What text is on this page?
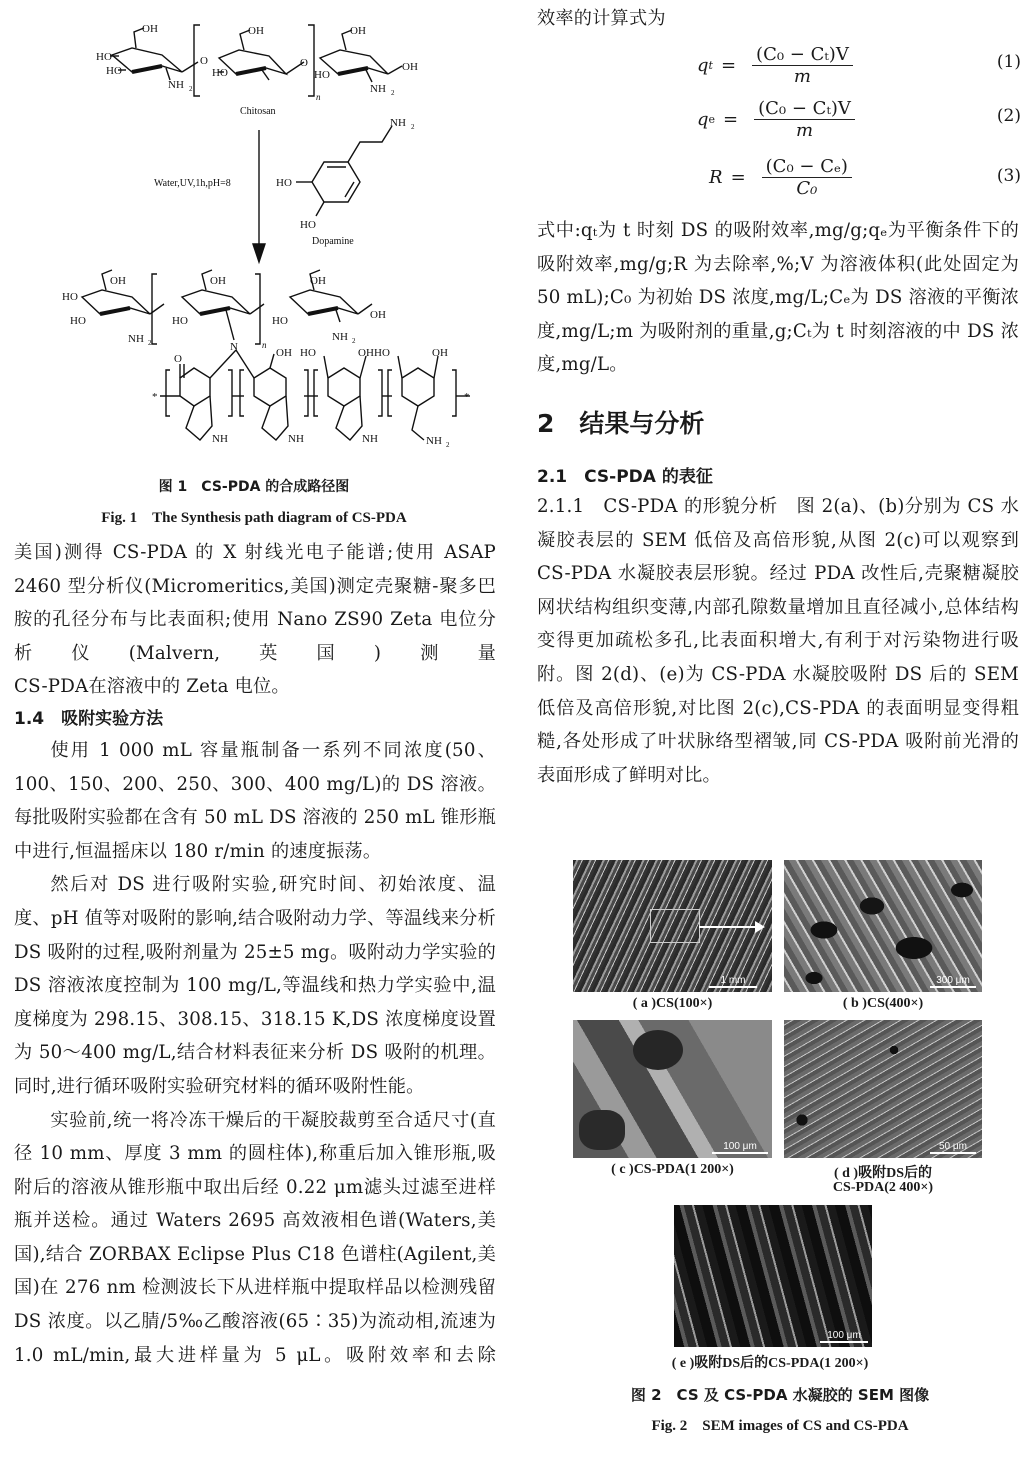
OH
HO
HO
NH 2
O
OH
HO
O
n
OH
HO
OH
NH 2
Chitosan
Water,UV,1h,pH=8
Dopamine
NH 2
HO
HO
OH
HO
HO
NH 2
OH
HO
N	n
OH
HO	OH
NH 2
*
O
NH
OH
NH
HO	OH
NH
HO	OH
NH 2
*
图 1　CS-PDA 的合成路径图
Fig. 1　The Synthesis path diagram of CS-PDA

美国)测得 CS-PDA 的 X 射线光电子能谱;使用 ASAP 2460 型分析仪(Micromeritics,美国)测定壳聚糖-聚多巴胺的孔径分布与比表面积;使用 Nano ZS90 Zeta 电位分析仪(Malvern,英国)测量

CS-PDA在溶液中的 Zeta 电位。

1.4　吸附实验方法

使用 1 000 mL 容量瓶制备一系列不同浓度(50、100、150、200、250、300、400 mg/L)的 DS 溶液。每批吸附实验都在含有 50 mL DS 溶液的 250 mL 锥形瓶中进行,恒温摇床以 180 r/min 的速度振荡。

然后对 DS 进行吸附实验,研究时间、初始浓度、温度、pH 值等对吸附的影响,结合吸附动力学、等温线来分析 DS 吸附的过程,吸附剂量为 25±5 mg。吸附动力学实验的 DS 溶液浓度控制为 100 mg/L,等温线和热力学实验中,温度梯度为 298.15、308.15、318.15 K,DS 浓度梯度设置为 50～400 mg/L,结合材料表征来分析 DS 吸附的机理。同时,进行循环吸附实验研究材料的循环吸附性能。

实验前,统一将冷冻干燥后的干凝胶裁剪至合适尺寸(直径 10 mm、厚度 3 mm 的圆柱体),称重后加入锥形瓶,吸附后的溶液从锥形瓶中取出后经 0.22 μm滤头过滤至进样瓶并送检。通过 Waters 2695 高效液相色谱(Waters,美国),结合 ZORBAX Eclipse Plus C18 色谱柱(Agilent,美国)在 276 nm 检测波长下从进样瓶中提取样品以检测残留 DS 浓度。以乙腈/5‰乙酸溶液(65∶35)为流动相,流速为 1.0 mL/min,最大进样量为 5 μL。吸附效率和去除

效率的计算式为

q $t = \frac{\text{(C₀ − Cₜ)V}}{m}$	(1)
q $e = \frac{\text{(C₀ − Cₜ)V}}{m}$	(2)
$R = \frac{\text{(C₀ − Cₑ)}}{\text{C₀}}$	(3)

式中:qₜ为 t 时刻 DS 的吸附效率,mg/g;qₑ为平衡条件下的吸附效率,mg/g;R 为去除率,%;V 为溶液体积(此处固定为 50 mL);C₀ 为初始 DS 浓度,mg/L;Cₑ为 DS 溶液的平衡浓度,mg/L;m 为吸附剂的重量,g;Cₜ为 t 时刻溶液的中 DS 浓度,mg/L。

2　结果与分析

2.1　CS-PDA 的表征

2.1.1　CS-PDA 的形貌分析　图 2(a)、(b)分别为 CS 水凝胶表层的 SEM 低倍及高倍形貌,从图 2(c)可以观察到 CS-PDA 水凝胶表层形貌。经过 PDA 改性后,壳聚糖凝胶网状结构组织变薄,内部孔隙数量增加且直径减小,总体结构变得更加疏松多孔,比表面积增大,有利于对污染物进行吸附。图 2(d)、(e)为 CS-PDA 水凝胶吸附 DS 后的 SEM 低倍及高倍形貌,对比图 2(c),CS-PDA 的表面明显变得粗糙,各处形成了叶状脉络型褶皱,同 CS-PDA 吸附前光滑的表面形成了鲜明对比。

1 mm
( a )CS(100×)
300 μm
( b )CS(400×)
100 μm
( c )CS-PDA(1 200×)
50 μm
( d )吸附DS后的
CS-PDA(2 400×)
100 μm
( e )吸附DS后的CS-PDA(1 200×)
图 2　CS 及 CS-PDA 水凝胶的 SEM 图像
Fig. 2　SEM images of CS and CS-PDA
